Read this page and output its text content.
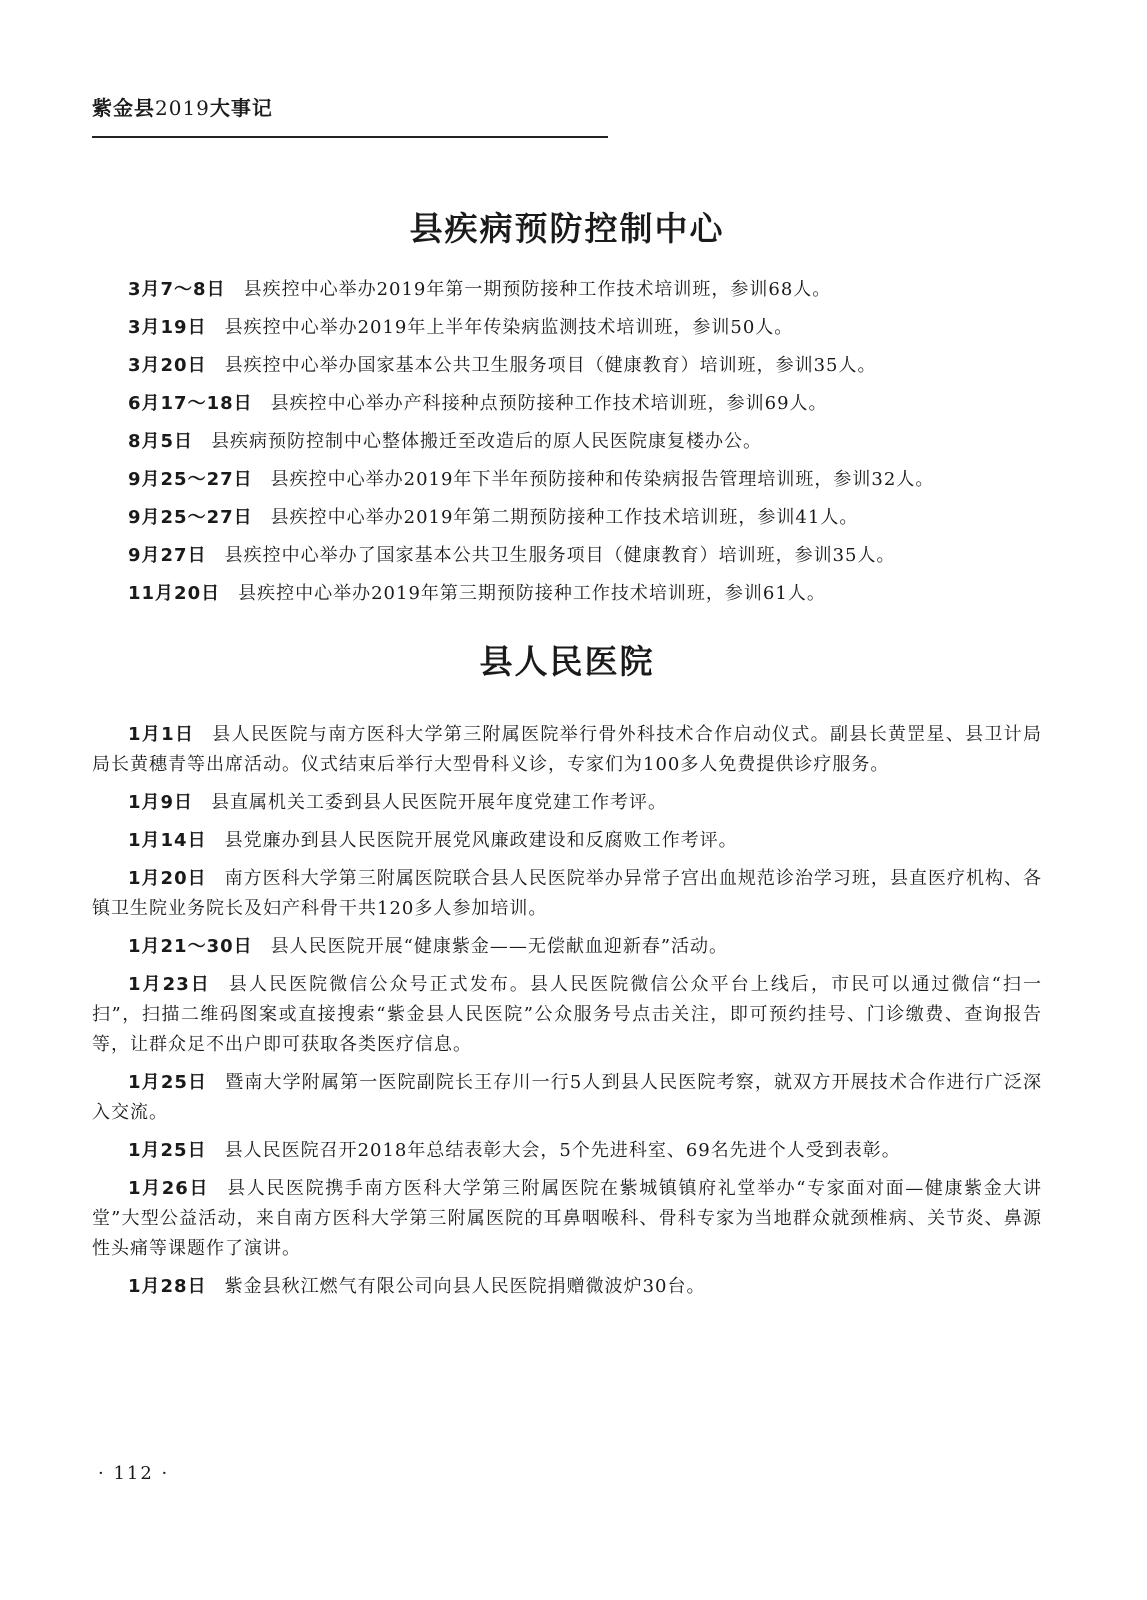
紫金县2019大事记
县疾病预防控制中心

3月7～8日 县疾控中心举办2019年第一期预防接种工作技术培训班，参训68人。

3月19日 县疾控中心举办2019年上半年传染病监测技术培训班，参训50人。

3月20日 县疾控中心举办国家基本公共卫生服务项目（健康教育）培训班，参训35人。

6月17～18日 县疾控中心举办产科接种点预防接种工作技术培训班，参训69人。

8月5日 县疾病预防控制中心整体搬迁至改造后的原人民医院康复楼办公。

9月25～27日 县疾控中心举办2019年下半年预防接种和传染病报告管理培训班，参训32人。

9月25～27日 县疾控中心举办2019年第二期预防接种工作技术培训班，参训41人。

9月27日 县疾控中心举办了国家基本公共卫生服务项目（健康教育）培训班，参训35人。

11月20日 县疾控中心举办2019年第三期预防接种工作技术培训班，参训61人。

县人民医院

1月1日 县人民医院与南方医科大学第三附属医院举行骨外科技术合作启动仪式。副县长黄罡星、县卫计局局长黄穗青等出席活动。仪式结束后举行大型骨科义诊，专家们为100多人免费提供诊疗服务。

1月9日 县直属机关工委到县人民医院开展年度党建工作考评。

1月14日 县党廉办到县人民医院开展党风廉政建设和反腐败工作考评。

1月20日 南方医科大学第三附属医院联合县人民医院举办异常子宫出血规范诊治学习班，县直医疗机构、各镇卫生院业务院长及妇产科骨干共120多人参加培训。

1月21～30日 县人民医院开展“健康紫金——无偿献血迎新春”活动。

1月23日 县人民医院微信公众号正式发布。县人民医院微信公众平台上线后，市民可以通过微信“扫一扫”，扫描二维码图案或直接搜索“紫金县人民医院”公众服务号点击关注，即可预约挂号、门诊缴费、查询报告等，让群众足不出户即可获取各类医疗信息。

1月25日 暨南大学附属第一医院副院长王存川一行5人到县人民医院考察，就双方开展技术合作进行广泛深入交流。

1月25日 县人民医院召开2018年总结表彰大会，5个先进科室、69名先进个人受到表彰。

1月26日 县人民医院携手南方医科大学第三附属医院在紫城镇镇府礼堂举办“专家面对面—健康紫金大讲堂”大型公益活动，来自南方医科大学第三附属医院的耳鼻咽喉科、骨科专家为当地群众就颈椎病、关节炎、鼻源性头痛等课题作了演讲。

1月28日 紫金县秋江燃气有限公司向县人民医院捐赠微波炉30台。

· 112 ·
